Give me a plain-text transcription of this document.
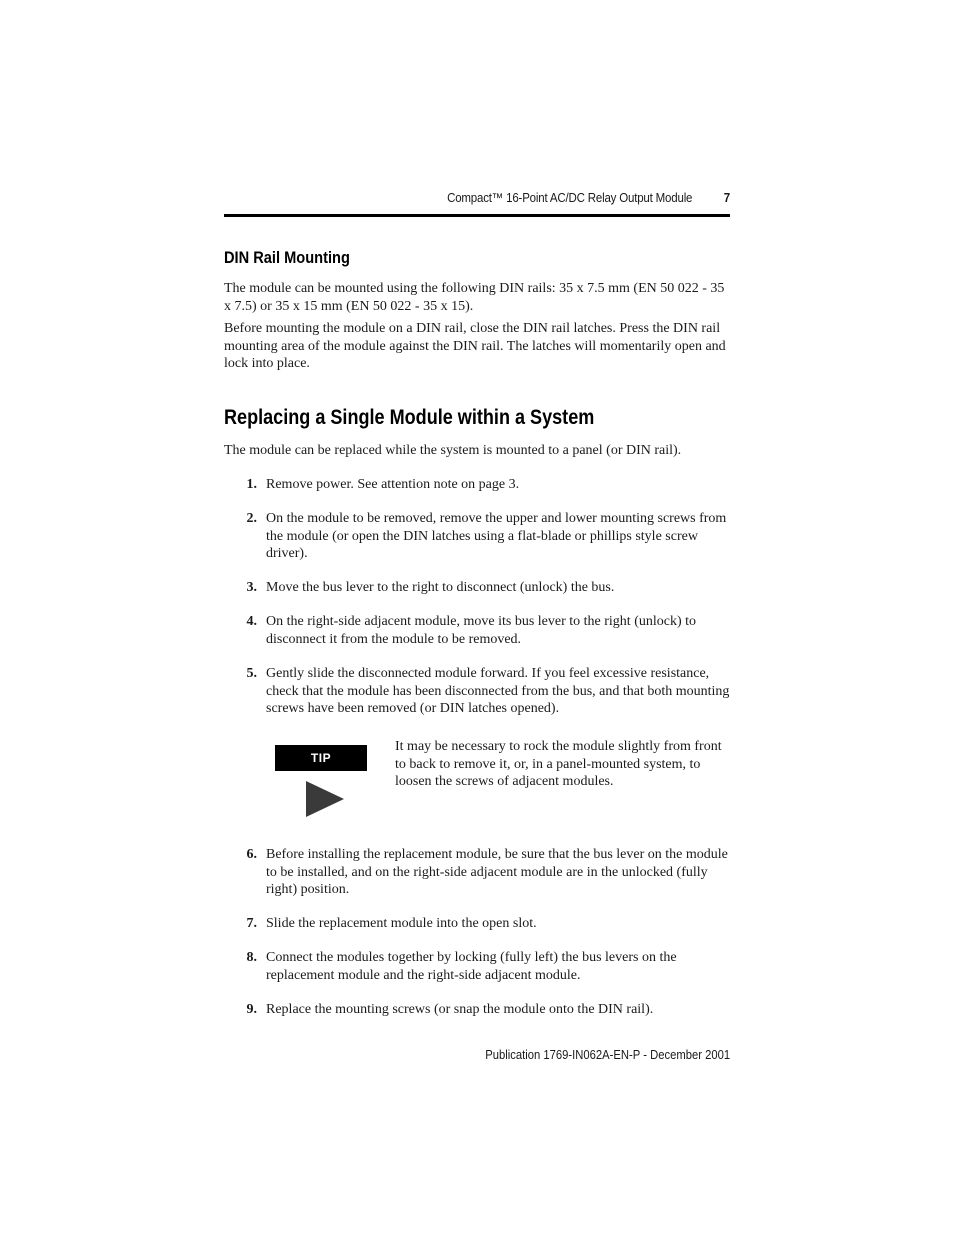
Compact™ 16-Point AC/DC Relay Output Module	7
DIN Rail Mounting

The module can be mounted using the following DIN rails: 35 x 7.5 mm (EN 50 022 - 35 x 7.5) or 35 x 15 mm (EN 50 022 - 35 x 15).

Before mounting the module on a DIN rail, close the DIN rail latches. Press the DIN rail mounting area of the module against the DIN rail. The latches will momentarily open and lock into place.

Replacing a Single Module within a System

The module can be replaced while the system is mounted to a panel (or DIN rail).

1. Remove power. See attention note on page 3.
2. On the module to be removed, remove the upper and lower mounting screws from the module (or open the DIN latches using a flat-blade or phillips style screw driver).
3. Move the bus lever to the right to disconnect (unlock) the bus.
4. On the right-side adjacent module, move its bus lever to the right (unlock) to disconnect it from the module to be removed.
5. Gently slide the disconnected module forward. If you feel excessive resistance, check that the module has been disconnected from the bus, and that both mounting screws have been removed (or DIN latches opened).
TIP
It may be necessary to rock the module slightly from front to back to remove it, or, in a panel-mounted system, to loosen the screws of adjacent modules.
6. Before installing the replacement module, be sure that the bus lever on the module to be installed, and on the right-side adjacent module are in the unlocked (fully right) position.
7. Slide the replacement module into the open slot.
8. Connect the modules together by locking (fully left) the bus levers on the replacement module and the right-side adjacent module.
9. Replace the mounting screws (or snap the module onto the DIN rail).
Publication 1769-IN062A-EN-P - December 2001
